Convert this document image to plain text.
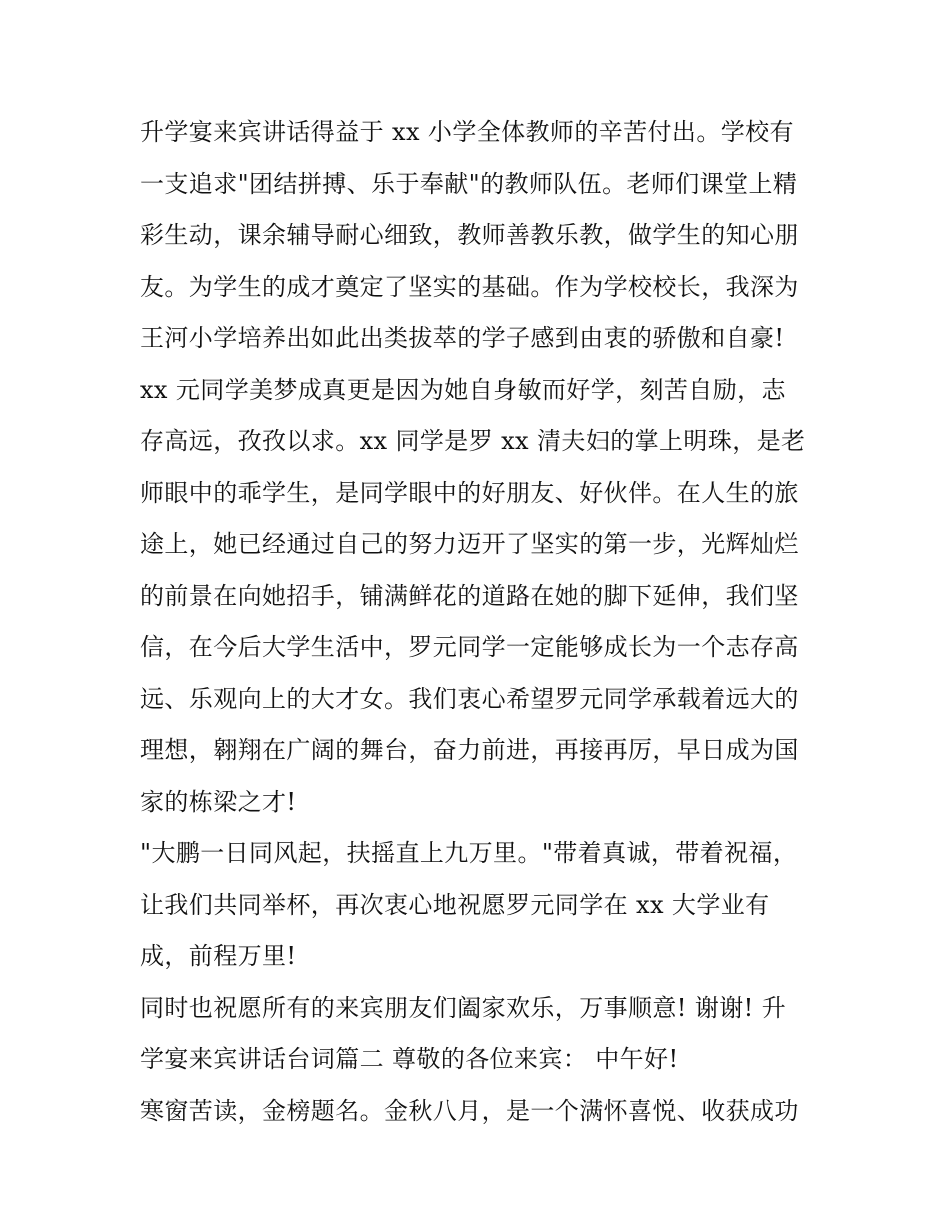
升学宴来宾讲话得益于 xx 小学全体教师的辛苦付出。学校有
一支追求"团结拼搏、乐于奉献"的教师队伍。老师们课堂上精
彩生动，课余辅导耐心细致，教师善教乐教，做学生的知心朋
友。为学生的成才奠定了坚实的基础。作为学校校长，我深为
王河小学培养出如此出类拔萃的学子感到由衷的骄傲和自豪!
xx 元同学美梦成真更是因为她自身敏而好学，刻苦自励，志
存高远，孜孜以求。xx 同学是罗 xx 清夫妇的掌上明珠，是老
师眼中的乖学生，是同学眼中的好朋友、好伙伴。在人生的旅
途上，她已经通过自己的努力迈开了坚实的第一步，光辉灿烂
的前景在向她招手，铺满鲜花的道路在她的脚下延伸，我们坚
信，在今后大学生活中，罗元同学一定能够成长为一个志存高
远、乐观向上的大才女。我们衷心希望罗元同学承载着远大的
理想，翱翔在广阔的舞台，奋力前进，再接再厉，早日成为国
家的栋梁之才!
"大鹏一日同风起，扶摇直上九万里。"带着真诚，带着祝福，
让我们共同举杯，再次衷心地祝愿罗元同学在 xx 大学业有
成，前程万里!
同时也祝愿所有的来宾朋友们阖家欢乐，万事顺意! 谢谢! 升
学宴来宾讲话台词篇二 尊敬的各位来宾： 中午好!
寒窗苦读，金榜题名。金秋八月，是一个满怀喜悦、收获成功
